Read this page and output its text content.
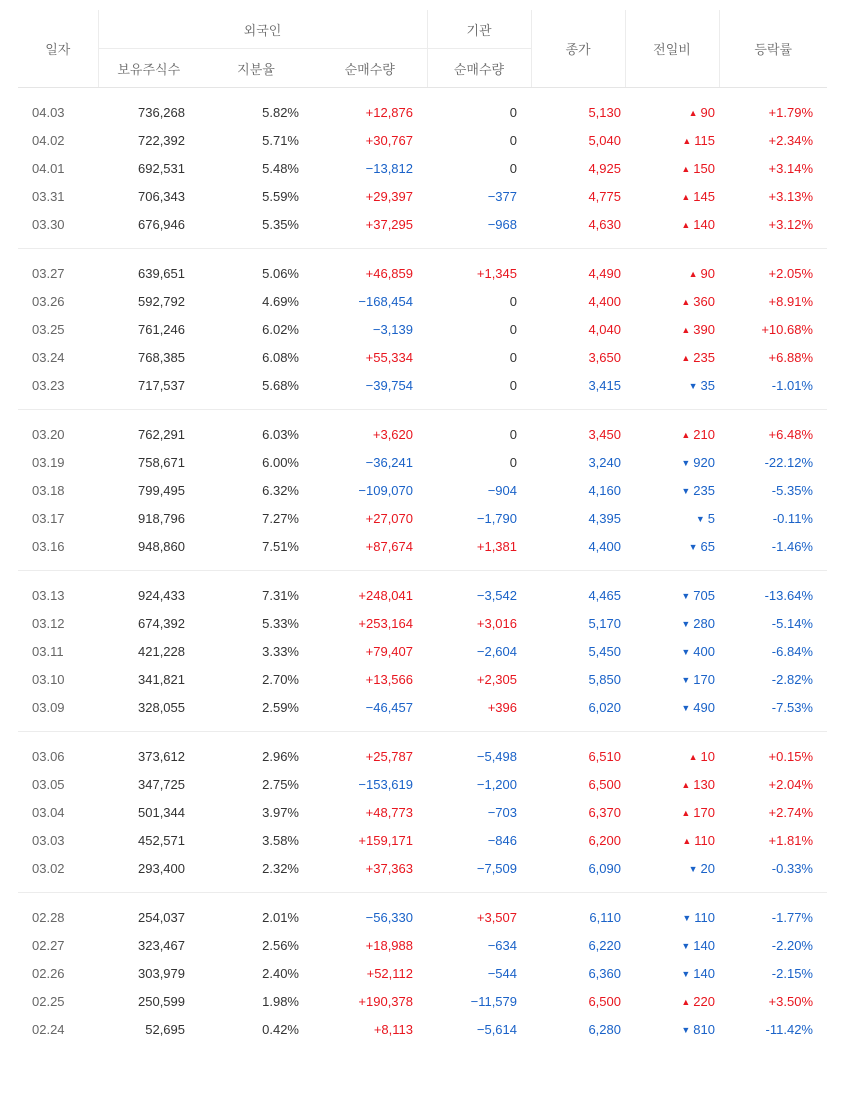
일자	외국인			기관	종가	전일비	등락률
	보유주식수	지분율	순매수량	순매수량			

04.03	736,268	5.82%	+12,876	0	5,130	▲ 90	+1.79%
04.02	722,392	5.71%	+30,767	0	5,040	▲ 115	+2.34%
04.01	692,531	5.48%	−13,812	0	4,925	▲ 150	+3.14%
03.31	706,343	5.59%	+29,397	−377	4,775	▲ 145	+3.13%
03.30	676,946	5.35%	+37,295	−968	4,630	▲ 140	+3.12%

03.27	639,651	5.06%	+46,859	+1,345	4,490	▲ 90	+2.05%
03.26	592,792	4.69%	−168,454	0	4,400	▲ 360	+8.91%
03.25	761,246	6.02%	−3,139	0	4,040	▲ 390	+10.68%
03.24	768,385	6.08%	+55,334	0	3,650	▲ 235	+6.88%
03.23	717,537	5.68%	−39,754	0	3,415	▼ 35	-1.01%

03.20	762,291	6.03%	+3,620	0	3,450	▲ 210	+6.48%
03.19	758,671	6.00%	−36,241	0	3,240	▼ 920	-22.12%
03.18	799,495	6.32%	−109,070	−904	4,160	▼ 235	-5.35%
03.17	918,796	7.27%	+27,070	−1,790	4,395	▼ 5	-0.11%
03.16	948,860	7.51%	+87,674	+1,381	4,400	▼ 65	-1.46%

03.13	924,433	7.31%	+248,041	−3,542	4,465	▼ 705	-13.64%
03.12	674,392	5.33%	+253,164	+3,016	5,170	▼ 280	-5.14%
03.11	421,228	3.33%	+79,407	−2,604	5,450	▼ 400	-6.84%
03.10	341,821	2.70%	+13,566	+2,305	5,850	▼ 170	-2.82%
03.09	328,055	2.59%	−46,457	+396	6,020	▼ 490	-7.53%

03.06	373,612	2.96%	+25,787	−5,498	6,510	▲ 10	+0.15%
03.05	347,725	2.75%	−153,619	−1,200	6,500	▲ 130	+2.04%
03.04	501,344	3.97%	+48,773	−703	6,370	▲ 170	+2.74%
03.03	452,571	3.58%	+159,171	−846	6,200	▲ 110	+1.81%
03.02	293,400	2.32%	+37,363	−7,509	6,090	▼ 20	-0.33%

02.28	254,037	2.01%	−56,330	+3,507	6,110	▼ 110	-1.77%
02.27	323,467	2.56%	+18,988	−634	6,220	▼ 140	-2.20%
02.26	303,979	2.40%	+52,112	−544	6,360	▼ 140	-2.15%
02.25	250,599	1.98%	+190,378	−11,579	6,500	▲ 220	+3.50%
02.24	52,695	0.42%	+8,113	−5,614	6,280	▼ 810	-11.42%
